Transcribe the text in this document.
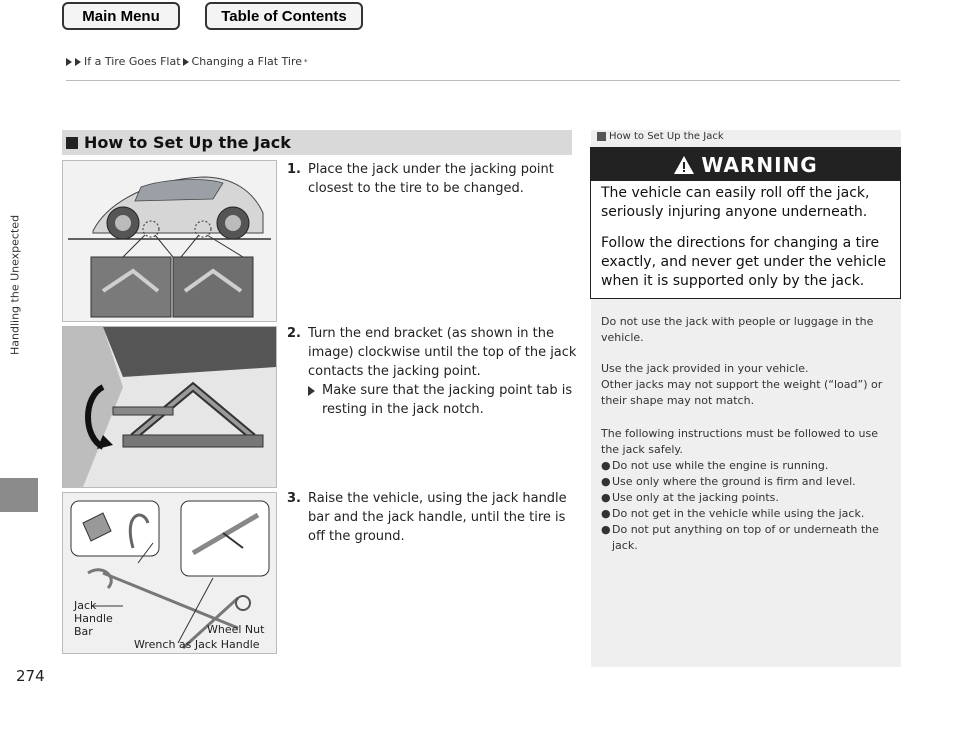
Main Menu	Table of Contents
If a Tire Goes Flat Changing a Flat Tire *
Handling the Unexpected
274
How to Set Up the Jack
Jack
Handle
Bar	Wheel Nut
Wrench as Jack Handle
1. Place the jack under the jacking point closest to the tire to be changed.
2. Turn the end bracket (as shown in the image) clockwise until the top of the jack contacts the jacking point.
Make sure that the jacking point tab is resting in the jack notch.
3. Raise the vehicle, using the jack handle bar and the jack handle, until the tire is off the ground.
How to Set Up the Jack
WARNING
The vehicle can easily roll off the jack, seriously injuring anyone underneath.
Follow the directions for changing a tire exactly, and never get under the vehicle when it is supported only by the jack.
Do not use the jack with people or luggage in the vehicle.
Use the jack provided in your vehicle.
Other jacks may not support the weight (“load”) or their shape may not match.
The following instructions must be followed to use the jack safely.
● Do not use while the engine is running.
● Use only where the ground is firm and level.
● Use only at the jacking points.
● Do not get in the vehicle while using the jack.
● Do not put anything on top of or underneath the jack.
